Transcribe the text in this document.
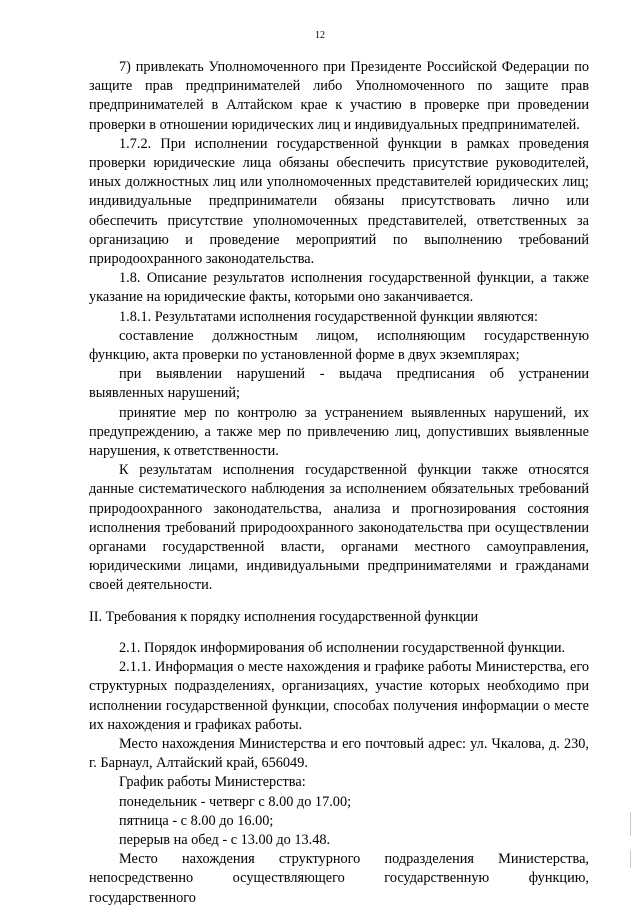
12

7) привлекать Уполномоченного при Президенте Российской Федерации по защите прав предпринимателей либо Уполномоченного по защите прав предпринимателей в Алтайском крае к участию в проверке при проведении проверки в отношении юридических лиц и индивидуальных предпринимателей.

1.7.2. При исполнении государственной функции в рамках проведения проверки юридические лица обязаны обеспечить присутствие руководителей, иных должностных лиц или уполномоченных представителей юридических лиц; индивидуальные предприниматели обязаны присутствовать лично или обеспечить присутствие уполномоченных представителей, ответственных за организацию и проведение мероприятий по выполнению требований природоохранного законодательства.

1.8. Описание результатов исполнения государственной функции, а также указание на юридические факты, которыми оно заканчивается.

1.8.1. Результатами исполнения государственной функции являются:

составление должностным лицом, исполняющим государственную функцию, акта проверки по установленной форме в двух экземплярах;

при выявлении нарушений - выдача предписания об устранении выявленных нарушений;

принятие мер по контролю за устранением выявленных нарушений, их предупреждению, а также мер по привлечению лиц, допустивших выявленные нарушения, к ответственности.

К результатам исполнения государственной функции также относятся данные систематического наблюдения за исполнением обязательных требований природоохранного законодательства, анализа и прогнозирования состояния исполнения требований природоохранного законодательства при осуществлении органами государственной власти, органами местного самоуправления, юридическими лицами, индивидуальными предпринимателями и гражданами своей деятельности.

II. Требования к порядку исполнения государственной функции

2.1. Порядок информирования об исполнении государственной функции.

2.1.1. Информация о месте нахождения и графике работы Министерства, его структурных подразделениях, организациях, участие которых необходимо при исполнении государственной функции, способах получения информации о месте их нахождения и графиках работы.

Место нахождения Министерства и его почтовый адрес: ул. Чкалова, д. 230, г. Барнаул, Алтайский край, 656049.

График работы Министерства:

понедельник - четверг с 8.00 до 17.00;

пятница - с 8.00 до 16.00;

перерыв на обед - с 13.00 до 13.48.

Место нахождения структурного подразделения Министерства, непосредственно осуществляющего государственную функцию, государственного
